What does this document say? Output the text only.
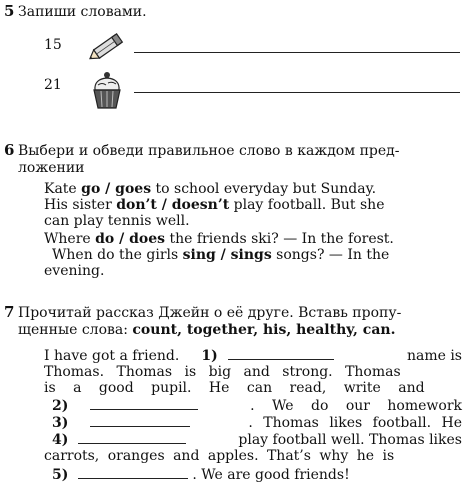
5 Запиши словами.
15
21
6 Выбери и обведи правильное слово в каждом пред-
ложении
Kate go / goes to school everyday but Sunday.
His sister don’t / doesn’t play football. But she
can play tennis well.
Where do / does the friends ski? — In the forest.
When do the girls sing / sings songs? — In the
evening.
7 Прочитай рассказ Джейн о её друге. Вставь пропу-
щенные слова: count, together, his, healthy, can.
I have got a friend. 1)	name is
Thomas. Thomas is big and strong. Thomas
is a good pupil. He can read, write and
2)	. We do our homework
3)	. Thomas likes football. He
4)	play football well. Thomas likes
carrots, oranges and apples. That’s why he is
5)	. We are good friends!
